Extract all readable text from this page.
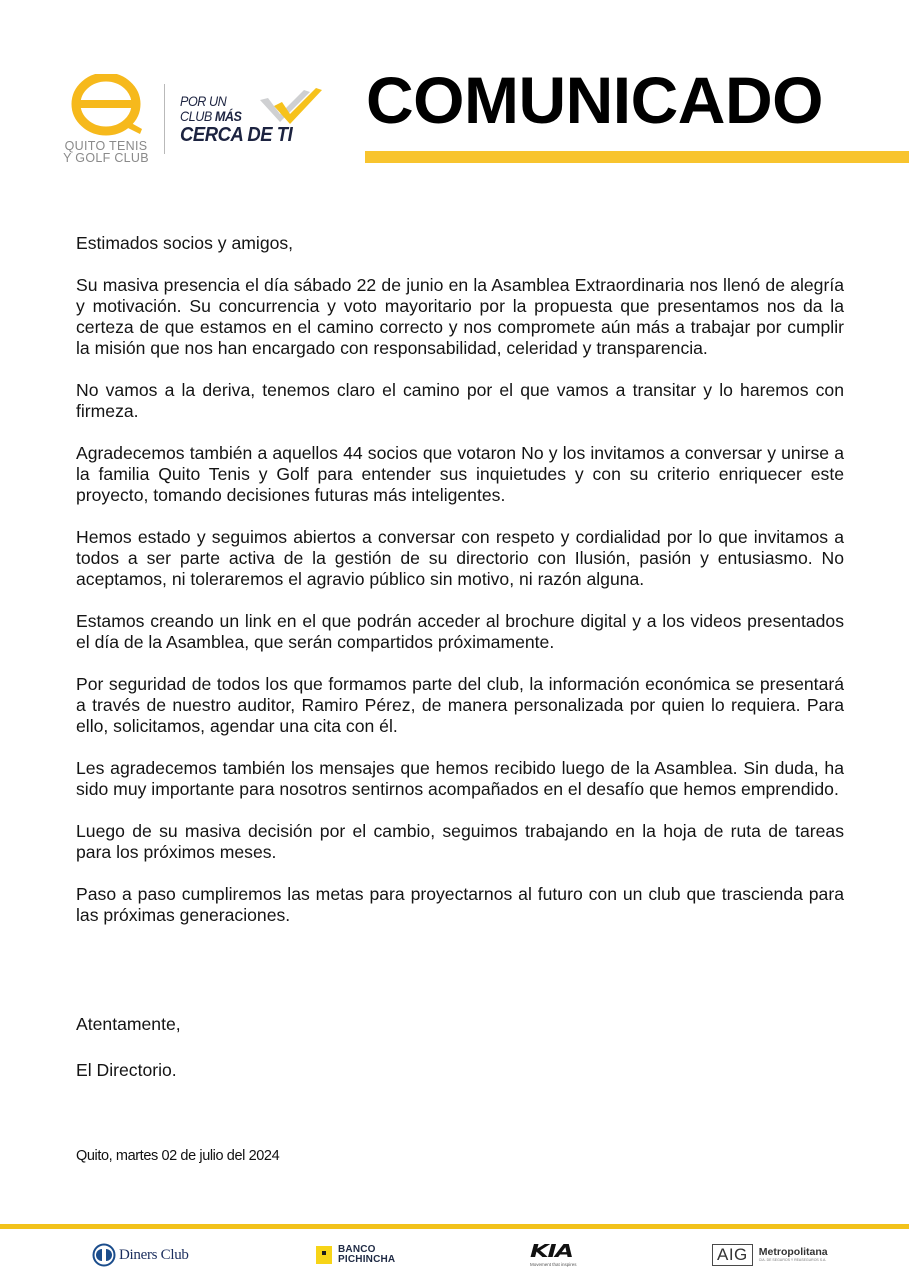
QUITO TENIS
Y GOLF CLUB
POR UN
CLUB MÁS
CERCA DE TI COMUNICADO

Estimados socios y amigos,

Su masiva presencia el día sábado 22 de junio en la Asamblea Extraordinaria nos llenó de alegría y motivación. Su concurrencia y voto mayoritario por la propuesta que presentamos nos da la certeza de que estamos en el camino correcto y nos compromete aún más a trabajar por cumplir la misión que nos han encargado con responsabilidad, celeridad y transparencia.

No vamos a la deriva, tenemos claro el camino por el que vamos a transitar y lo haremos con firmeza.

Agradecemos también a aquellos 44 socios que votaron No y los invitamos a conversar y unirse a la familia Quito Tenis y Golf para entender sus inquietudes y con su criterio enriquecer este proyecto, tomando decisiones futuras más inteligentes.

Hemos estado y seguimos abiertos a conversar con respeto y cordialidad por lo que invitamos a todos a ser parte activa de la gestión de su directorio con Ilusión, pasión y entusiasmo. No aceptamos, ni toleraremos el agravio público sin motivo, ni razón alguna.

Estamos creando un link en el que podrán acceder al brochure digital y a los videos presentados el día de la Asamblea, que serán compartidos próximamente.

Por seguridad de todos los que formamos parte del club, la información económica se presentará a través de nuestro auditor, Ramiro Pérez, de manera personalizada por quien lo requiera. Para ello, solicitamos, agendar una cita con él.

Les agradecemos también los mensajes que hemos recibido luego de la Asamblea. Sin duda, ha sido muy importante para nosotros sentirnos acompañados en el desafío que hemos emprendido.

Luego de su masiva decisión por el cambio, seguimos trabajando en la hoja de ruta de tareas para los próximos meses.

Paso a paso cumpliremos las metas para proyectarnos al futuro con un club que trascienda para las próximas generaciones.

Atentamente,
El Directorio.
Quito, martes 02 de julio del 2024
Diners Club	BANCO
PICHINCHA	KIA
Movement that inspires	AIG	Metropolitana
CIA. DE SEGUROS Y REASEGUROS S.A.
